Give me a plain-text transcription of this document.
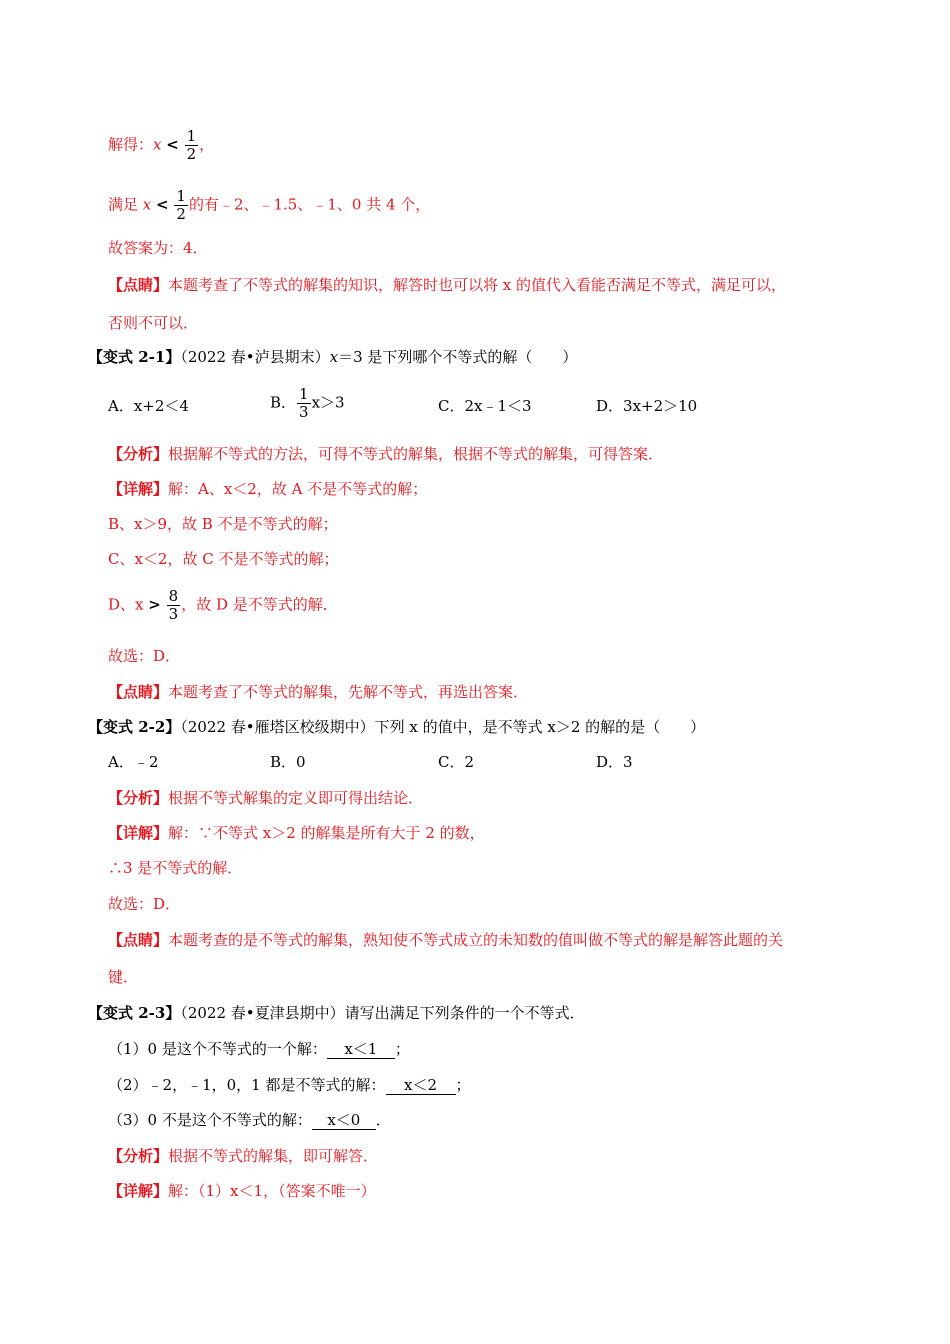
解得：$x < \frac{1}{2}$ ，
满足 $x < \frac{1}{2}$ 的有﹣2、﹣1.5、﹣1、0 共 4 个，
故答案为：4．
【点睛】本题考查了不等式的解集的知识，解答时也可以将 x 的值代入看能否满足不等式，满足可以，
否则不可以．
【变式 2-1】（2022 春•泸县期末）x＝3 是下列哪个不等式的解（　　）
A．x+2＜4	B． $\frac{1}{3} x>3$	C．2x﹣1＜3	D．3x+2＞10
【分析】根据解不等式的方法，可得不等式的解集，根据不等式的解集，可得答案．
【详解】解：A、x＜2，故 A 不是不等式的解；
B、x＞9，故 B 不是不等式的解；
C、x＜2，故 C 不是不等式的解；
D、$x > \frac{8}{3}$ ，故 D 是不等式的解．
故选：D．
【点睛】本题考查了不等式的解集，先解不等式，再选出答案．
【变式 2-2】（2022 春•雁塔区校级期中）下列 x 的值中，是不等式 x＞2 的解的是（　　）
A．﹣2	B．0	C．2	D．3
【分析】根据不等式解集的定义即可得出结论．
【详解】解：∵不等式 x＞2 的解集是所有大于 2 的数，
∴3 是不等式的解．
故选：D．
【点睛】本题考查的是不等式的解集，熟知使不等式成立的未知数的值叫做不等式的解是解答此题的关
键．
【变式 2-3】（2022 春•夏津县期中）请写出满足下列条件的一个不等式．
（1）0 是这个不等式的一个解： x＜1 ；
（2）﹣2，﹣1，0，1 都是不等式的解： x＜2 ；
（3）0 不是这个不等式的解： x＜0 ．
【分析】根据不等式的解集，即可解答．
【详解】解：（1）x＜1，（答案不唯一）
